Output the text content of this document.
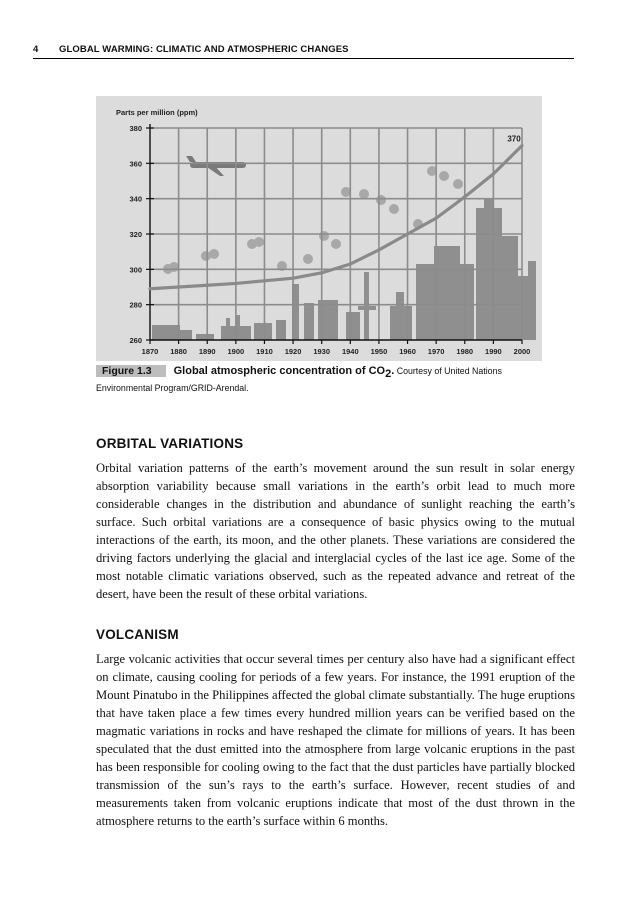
4 GLOBAL WARMING: CLIMATIC AND ATMOSPHERIC CHANGES
260
280
300
320
340
360
380
1870 1880 1890 1900 1910 1920 1930 1940 1950 1960 1970 1980 1990 2000
370
Parts per million (ppm)
Figure 1.3 Global atmospheric concentration of $CO_2$. Courtesy of United Nations
Environmental Program/GRID-Arendal.
ORBITAL VARIATIONS

Orbital variation patterns of the earth’s movement around the sun result in solar energy absorption variability because small variations in the earth’s orbit lead to much more considerable changes in the distribution and abundance of sunlight reaching the earth’s surface. Such orbital variations are a consequence of basic physics owing to the mutual interactions of the earth, its moon, and the other planets. These variations are considered the driving factors underlying the glacial and interglacial cycles of the last ice age. Some of the most notable climatic variations observed, such as the repeated advance and retreat of the desert, have been the result of these orbital variations.

VOLCANISM

Large volcanic activities that occur several times per century also have had a significant effect on climate, causing cooling for periods of a few years. For instance, the 1991 eruption of the Mount Pinatubo in the Philippines affected the global climate substantially. The huge eruptions that have taken place a few times every hundred million years can be verified based on the magmatic variations in rocks and have reshaped the climate for millions of years. It has been speculated that the dust emitted into the atmosphere from large volcanic eruptions in the past has been responsible for cooling owing to the fact that the dust particles have partially blocked transmission of the sun’s rays to the earth’s surface. However, recent studies of and measurements taken from volcanic eruptions indicate that most of the dust thrown in the atmosphere returns to the earth’s surface within 6 months.
